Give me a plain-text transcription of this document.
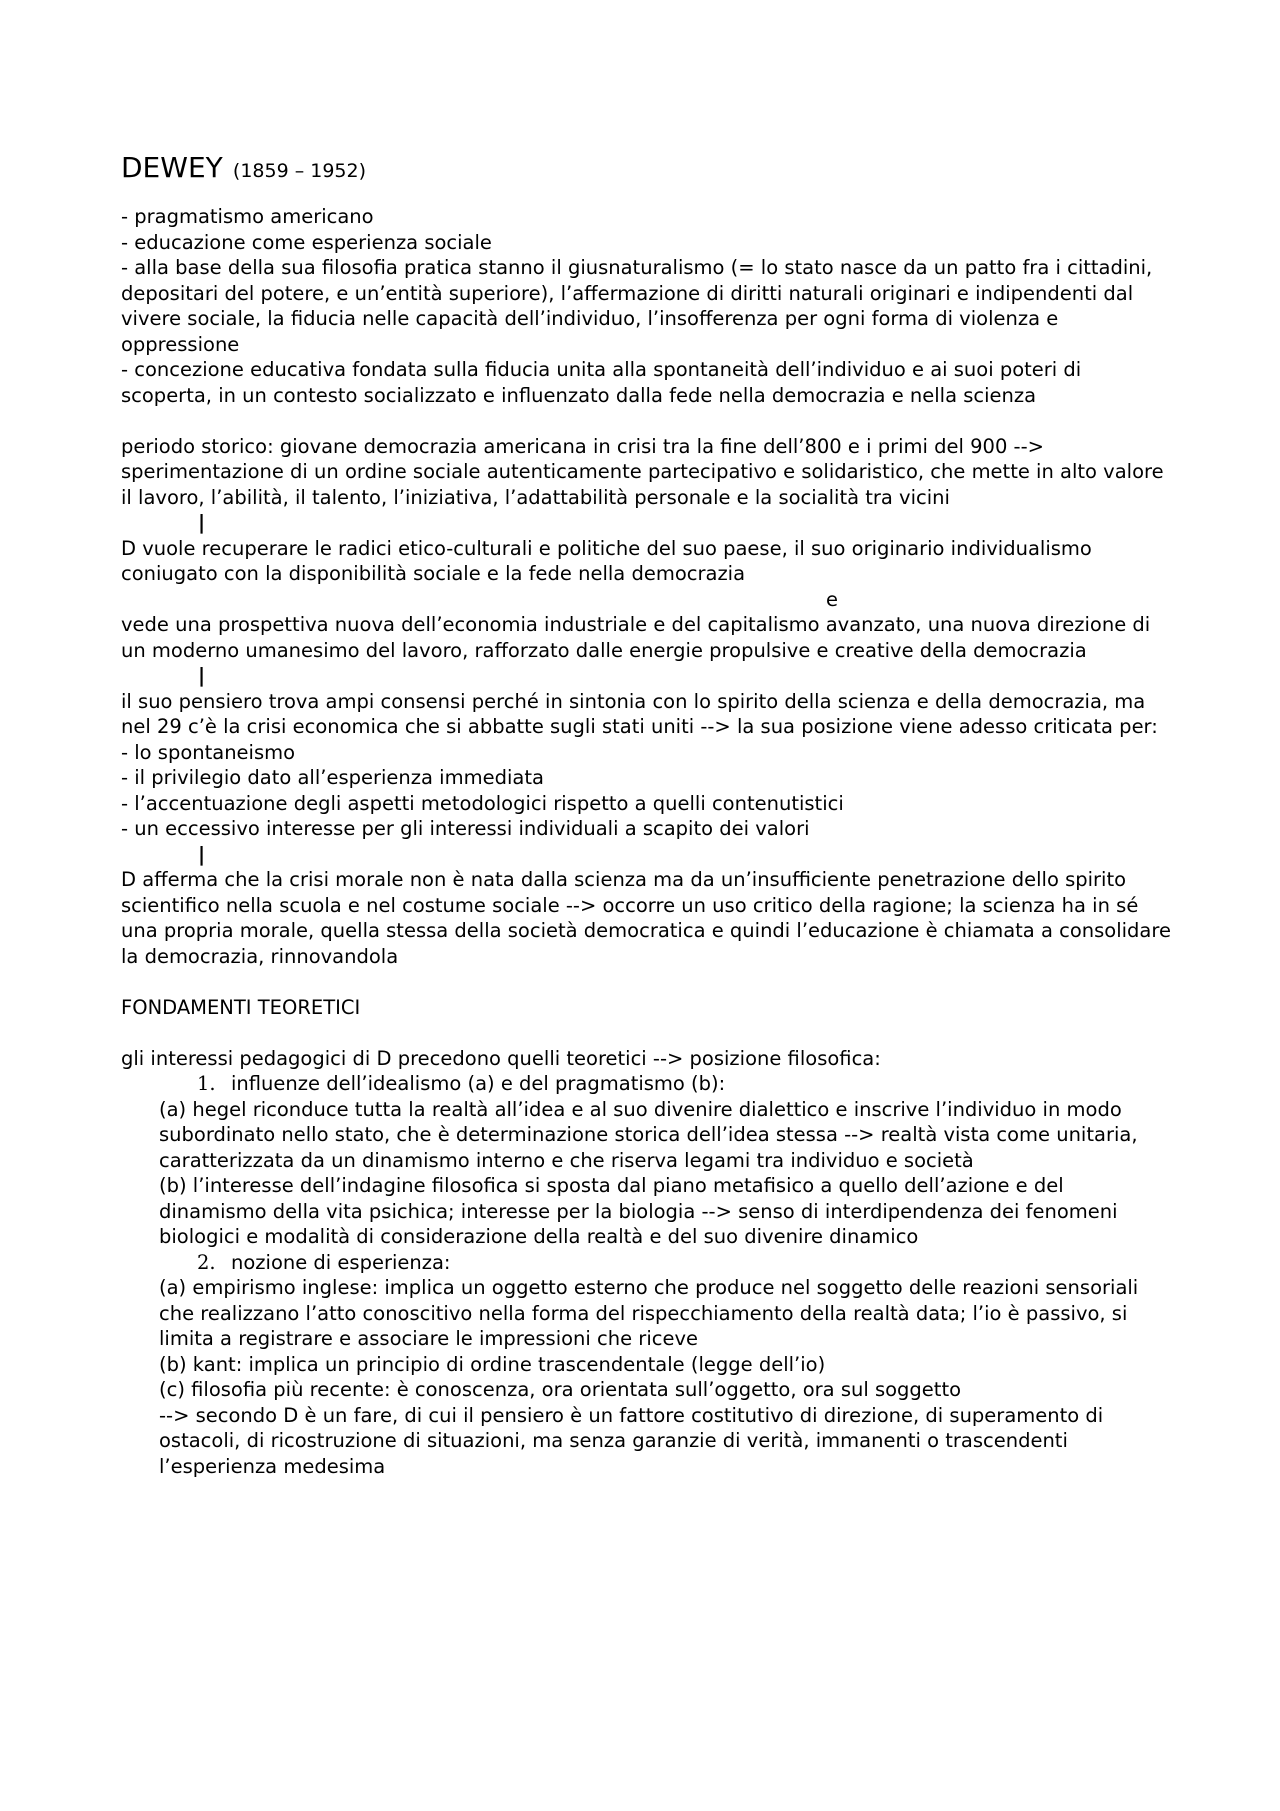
DEWEY (1859 – 1952)

- pragmatismo americano

- educazione come esperienza sociale

- alla base della sua filosofia pratica stanno il giusnaturalismo (= lo stato nasce da un patto fra i cittadini, depositari del potere, e un’entità superiore), l’affermazione di diritti naturali originari e indipendenti dal vivere sociale, la fiducia nelle capacità dell’individuo, l’insofferenza per ogni forma di violenza e oppressione

- concezione educativa fondata sulla fiducia unita alla spontaneità dell’individuo e ai suoi poteri di scoperta, in un contesto socializzato e influenzato dalla fede nella democrazia e nella scienza

periodo storico: giovane democrazia americana in crisi tra la fine dell’800 e i primi del 900 --> sperimentazione di un ordine sociale autenticamente partecipativo e solidaristico, che mette in alto valore il lavoro, l’abilità, il talento, l’iniziativa, l’adattabilità personale e la socialità tra vicini

|

D vuole recuperare le radici etico-culturali e politiche del suo paese, il suo originario individualismo coniugato con la disponibilità sociale e la fede nella democrazia

e

vede una prospettiva nuova dell’economia industriale e del capitalismo avanzato, una nuova direzione di un moderno umanesimo del lavoro, rafforzato dalle energie propulsive e creative della democrazia

|

il suo pensiero trova ampi consensi perché in sintonia con lo spirito della scienza e della democrazia, ma nel 29 c’è la crisi economica che si abbatte sugli stati uniti --> la sua posizione viene adesso criticata per:

- lo spontaneismo

- il privilegio dato all’esperienza immediata

- l’accentuazione degli aspetti metodologici rispetto a quelli contenutistici

- un eccessivo interesse per gli interessi individuali a scapito dei valori

|

D afferma che la crisi morale non è nata dalla scienza ma da un’insufficiente penetrazione dello spirito scientifico nella scuola e nel costume sociale --> occorre un uso critico della ragione; la scienza ha in sé una propria morale, quella stessa della società democratica e quindi l’educazione è chiamata a consolidare la democrazia, rinnovandola

FONDAMENTI TEORETICI

gli interessi pedagogici di D precedono quelli teoretici --> posizione filosofica:

1. influenze dell’idealismo (a) e del pragmatismo (b):

(a) hegel riconduce tutta la realtà all’idea e al suo divenire dialettico e inscrive l’individuo in modo subordinato nello stato, che è determinazione storica dell’idea stessa --> realtà vista come unitaria, caratterizzata da un dinamismo interno e che riserva legami tra individuo e società

(b) l’interesse dell’indagine filosofica si sposta dal piano metafisico a quello dell’azione e del dinamismo della vita psichica; interesse per la biologia --> senso di interdipendenza dei fenomeni biologici e modalità di considerazione della realtà e del suo divenire dinamico

2. nozione di esperienza:

(a) empirismo inglese: implica un oggetto esterno che produce nel soggetto delle reazioni sensoriali che realizzano l’atto conoscitivo nella forma del rispecchiamento della realtà data; l’io è passivo, si limita a registrare e associare le impressioni che riceve

(b) kant: implica un principio di ordine trascendentale (legge dell’io)

(c) filosofia più recente: è conoscenza, ora orientata sull’oggetto, ora sul soggetto

--> secondo D è un fare, di cui il pensiero è un fattore costitutivo di direzione, di superamento di ostacoli, di ricostruzione di situazioni, ma senza garanzie di verità, immanenti o trascendenti l’esperienza medesima
